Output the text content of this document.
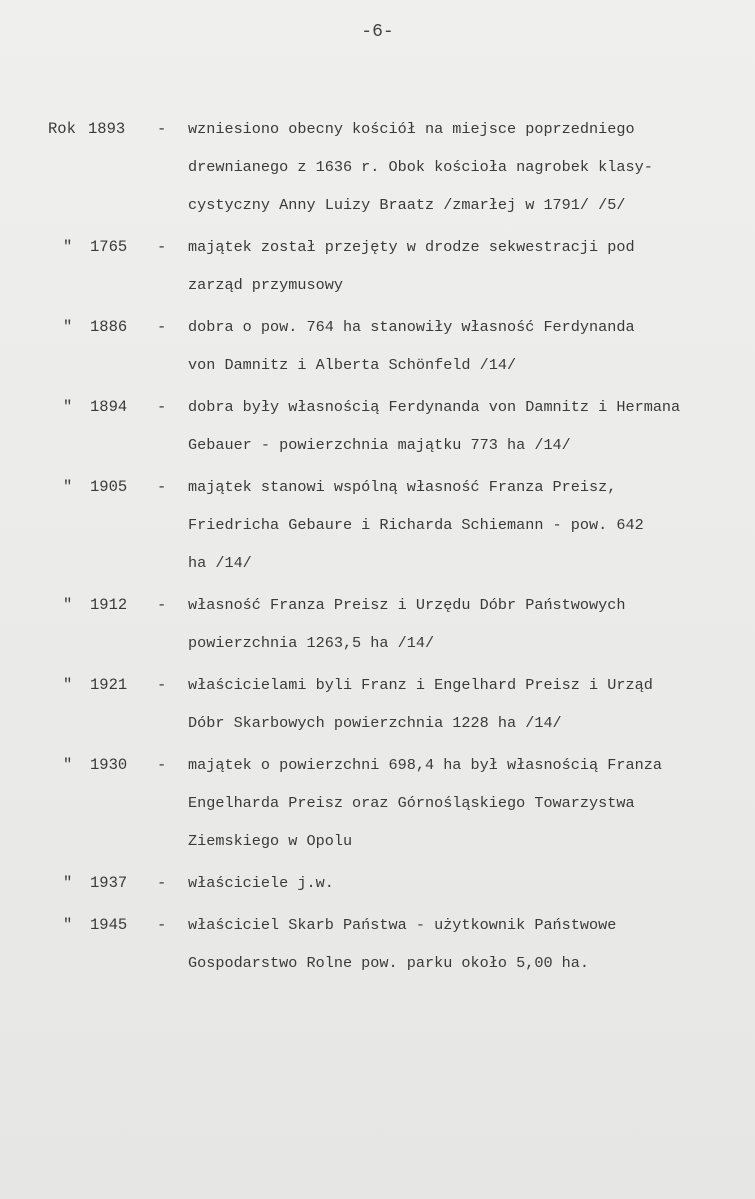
-6-
Rok 1893 - wzniesiono obecny kościół na miejsce poprzedniego
drewnianego z 1636 r. Obok kościoła nagrobek klasy-
cystyczny Anny Luizy Braatz /zmarłej w 1791/ /5/
" 1765 - majątek został przejęty w drodze sekwestracji pod
zarząd przymusowy
" 1886 - dobra o pow. 764 ha stanowiły własność Ferdynanda
von Damnitz i Alberta Schönfeld /14/
" 1894 - dobra były własnością Ferdynanda von Damnitz i Hermana
Gebauer - powierzchnia majątku 773 ha /14/
" 1905 - majątek stanowi wspólną własność Franza Preisz,
Friedricha Gebaure i Richarda Schiemann - pow. 642
ha /14/
" 1912 - własność Franza Preisz i Urzędu Dóbr Państwowych
powierzchnia 1263,5 ha /14/
" 1921 - właścicielami byli Franz i Engelhard Preisz i Urząd
Dóbr Skarbowych powierzchnia 1228 ha /14/
" 1930 - majątek o powierzchni 698,4 ha był własnością Franza
Engelharda Preisz oraz Górnośląskiego Towarzystwa
Ziemskiego w Opolu
" 1937 - właściciele j.w.
" 1945 - właściciel Skarb Państwa - użytkownik Państwowe
Gospodarstwo Rolne pow. parku około 5,00 ha.
